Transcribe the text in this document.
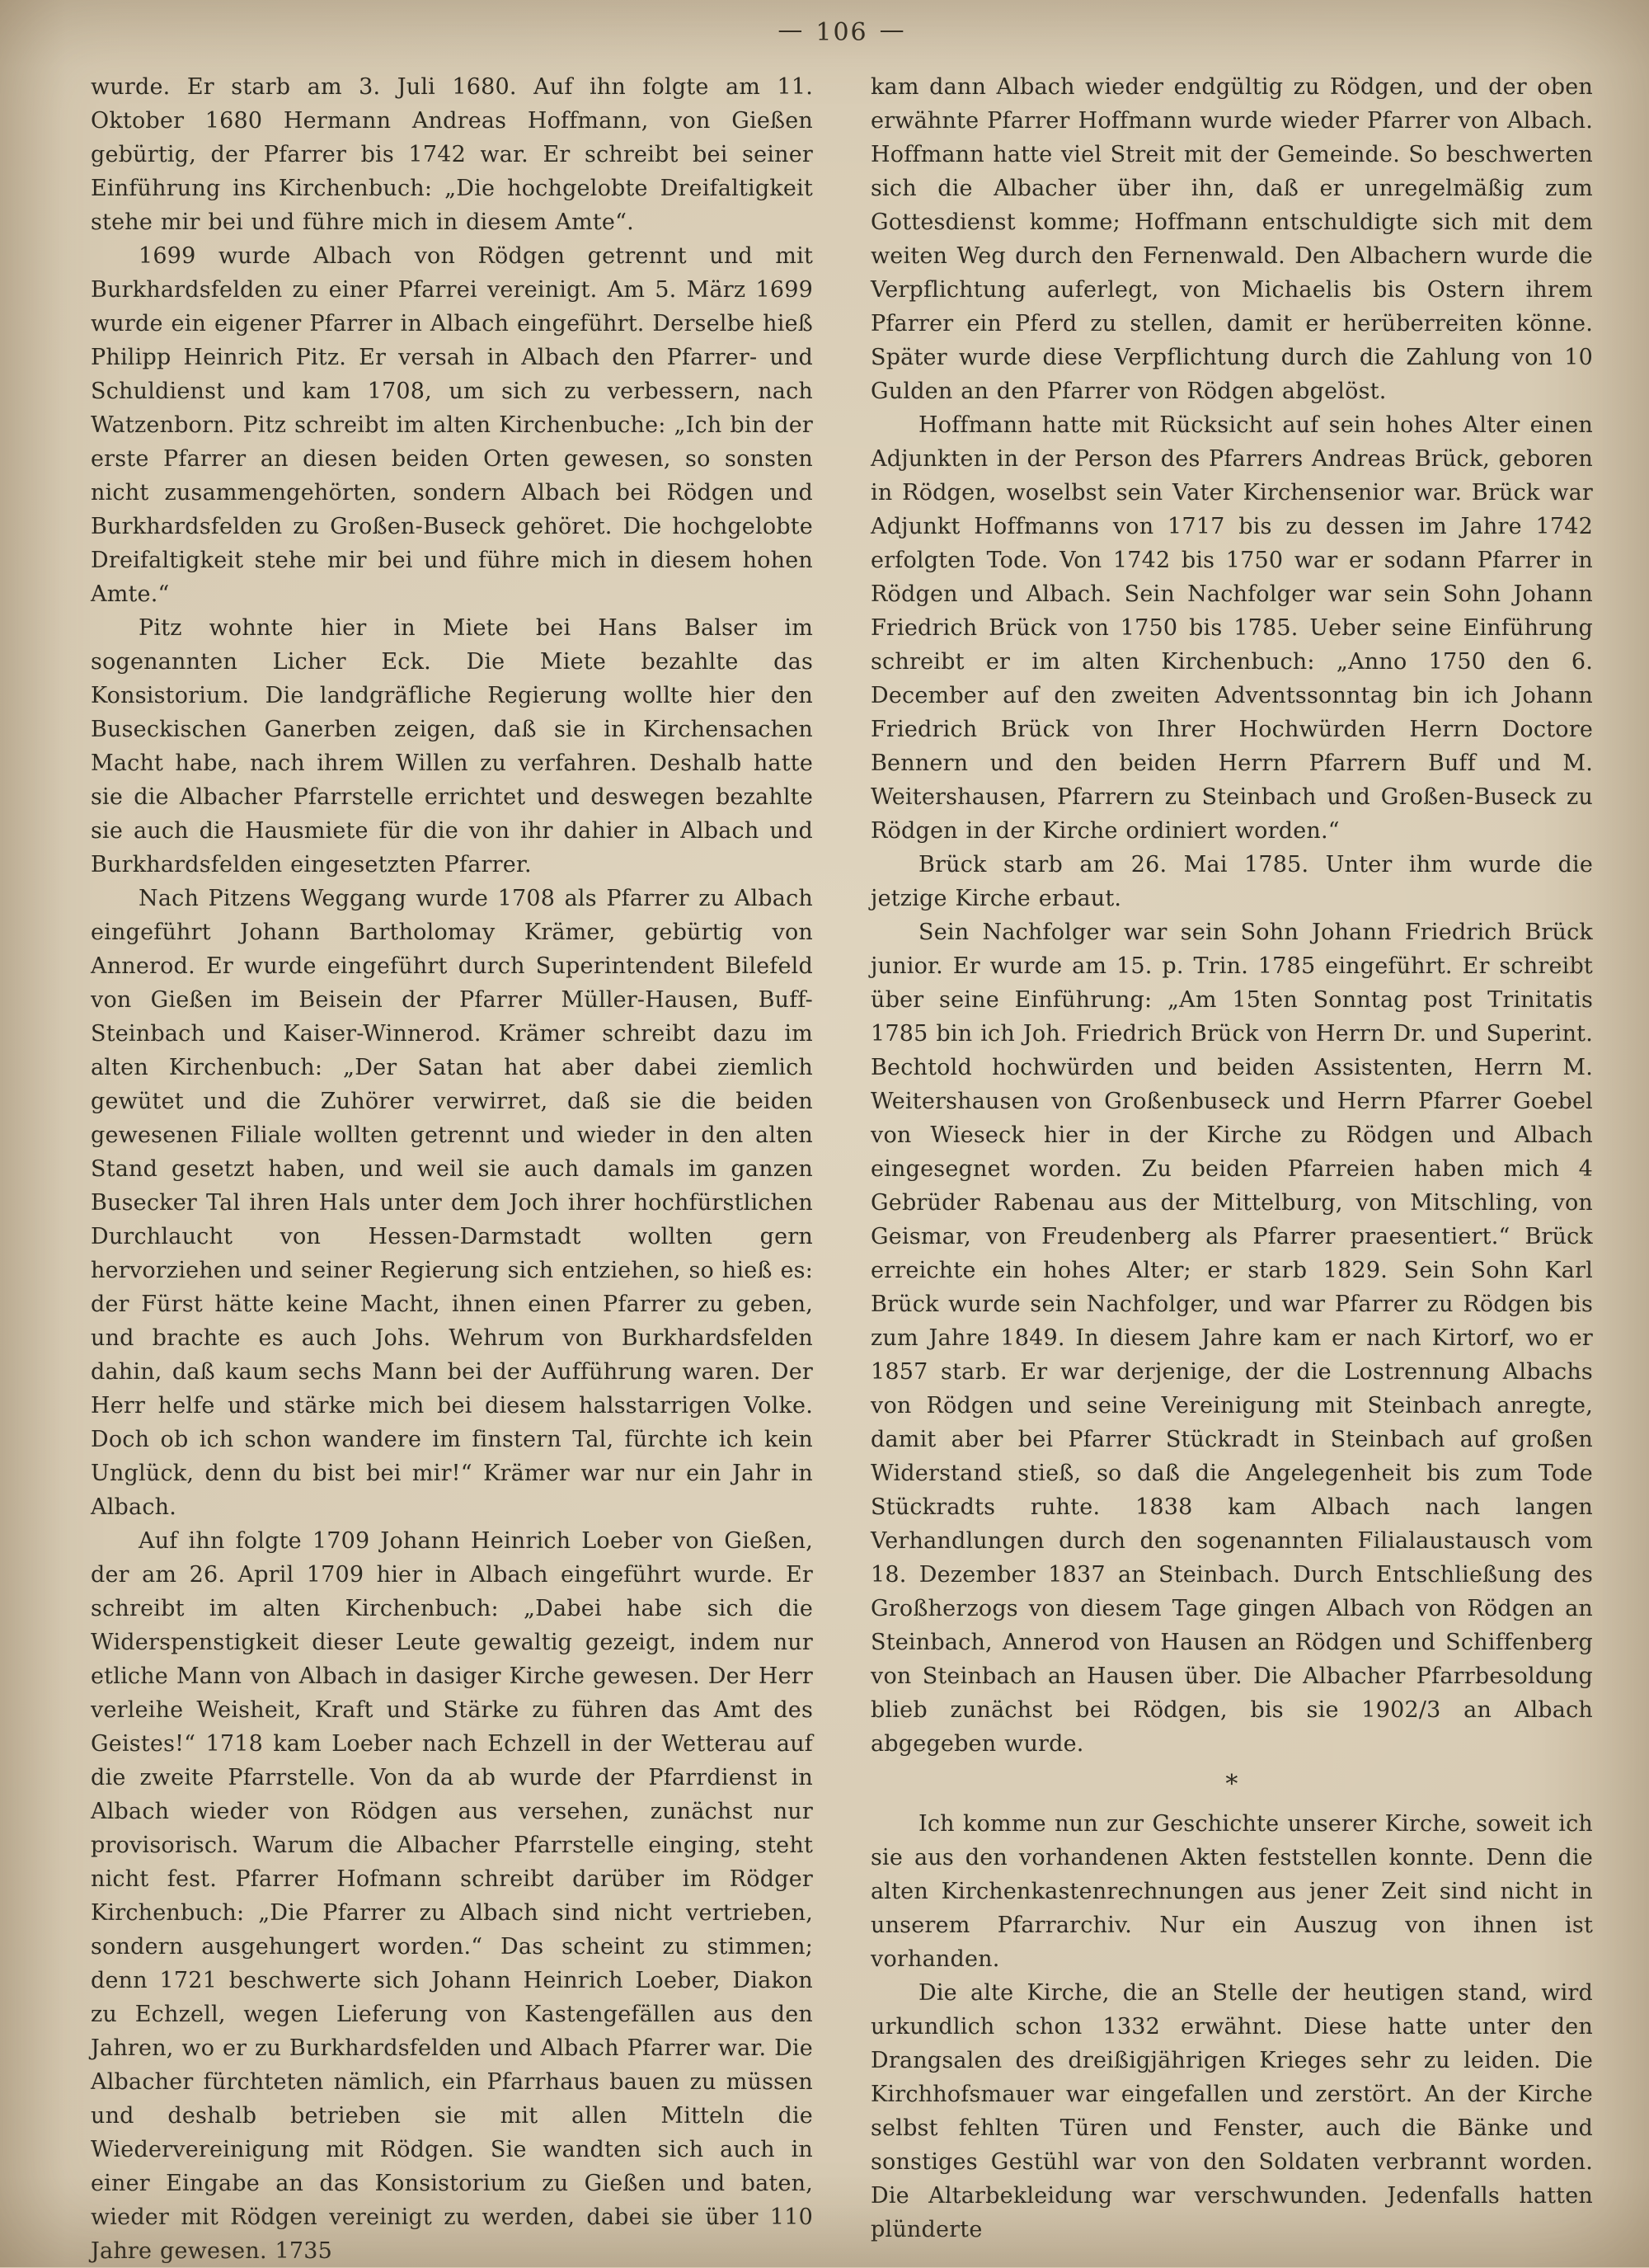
— 106 —

wurde. Er starb am 3. Juli 1680. Auf ihn folgte am 11. Oktober 1680 Hermann Andreas Hoffmann, von Gießen gebürtig, der Pfarrer bis 1742 war. Er schreibt bei seiner Einführung ins Kirchenbuch: „Die hochgelobte Dreifaltigkeit stehe mir bei und führe mich in diesem Amte“.

1699 wurde Albach von Rödgen getrennt und mit Burkhardsfelden zu einer Pfarrei vereinigt. Am 5. März 1699 wurde ein eigener Pfarrer in Albach eingeführt. Derselbe hieß Philipp Heinrich Pitz. Er versah in Albach den Pfarrer- und Schuldienst und kam 1708, um sich zu verbessern, nach Watzenborn. Pitz schreibt im alten Kirchenbuche: „Ich bin der erste Pfarrer an diesen beiden Orten gewesen, so sonsten nicht zusammengehörten, sondern Albach bei Rödgen und Burkhardsfelden zu Großen-Buseck gehöret. Die hochgelobte Dreifaltigkeit stehe mir bei und führe mich in diesem hohen Amte.“

Pitz wohnte hier in Miete bei Hans Balser im sogenannten Licher Eck. Die Miete bezahlte das Konsistorium. Die landgräfliche Regierung wollte hier den Buseckischen Ganerben zeigen, daß sie in Kirchensachen Macht habe, nach ihrem Willen zu verfahren. Deshalb hatte sie die Albacher Pfarrstelle errichtet und deswegen bezahlte sie auch die Hausmiete für die von ihr dahier in Albach und Burkhardsfelden eingesetzten Pfarrer.

Nach Pitzens Weggang wurde 1708 als Pfarrer zu Albach eingeführt Johann Bartholomay Krämer, gebürtig von Annerod. Er wurde eingeführt durch Superintendent Bilefeld von Gießen im Beisein der Pfarrer Müller-Hausen, Buff-Steinbach und Kaiser-Winnerod. Krämer schreibt dazu im alten Kirchenbuch: „Der Satan hat aber dabei ziemlich gewütet und die Zuhörer verwirret, daß sie die beiden gewesenen Filiale wollten getrennt und wieder in den alten Stand gesetzt haben, und weil sie auch damals im ganzen Busecker Tal ihren Hals unter dem Joch ihrer hochfürstlichen Durchlaucht von Hessen-Darmstadt wollten gern hervorziehen und seiner Regierung sich entziehen, so hieß es: der Fürst hätte keine Macht, ihnen einen Pfarrer zu geben, und brachte es auch Johs. Wehrum von Burkhardsfelden dahin, daß kaum sechs Mann bei der Aufführung waren. Der Herr helfe und stärke mich bei diesem halsstarrigen Volke. Doch ob ich schon wandere im finstern Tal, fürchte ich kein Unglück, denn du bist bei mir!“ Krämer war nur ein Jahr in Albach.

Auf ihn folgte 1709 Johann Heinrich Loeber von Gießen, der am 26. April 1709 hier in Albach eingeführt wurde. Er schreibt im alten Kirchenbuch: „Dabei habe sich die Widerspenstigkeit dieser Leute gewaltig gezeigt, indem nur etliche Mann von Albach in dasiger Kirche gewesen. Der Herr verleihe Weisheit, Kraft und Stärke zu führen das Amt des Geistes!“ 1718 kam Loeber nach Echzell in der Wetterau auf die zweite Pfarrstelle. Von da ab wurde der Pfarrdienst in Albach wieder von Rödgen aus versehen, zunächst nur provisorisch. Warum die Albacher Pfarrstelle einging, steht nicht fest. Pfarrer Hofmann schreibt darüber im Rödger Kirchenbuch: „Die Pfarrer zu Albach sind nicht vertrieben, sondern ausgehungert worden.“ Das scheint zu stimmen; denn 1721 beschwerte sich Johann Heinrich Loeber, Diakon zu Echzell, wegen Lieferung von Kastengefällen aus den Jahren, wo er zu Burkhardsfelden und Albach Pfarrer war. Die Albacher fürchteten nämlich, ein Pfarrhaus bauen zu müssen und deshalb betrieben sie mit allen Mitteln die Wiedervereinigung mit Rödgen. Sie wandten sich auch in einer Eingabe an das Konsistorium zu Gießen und baten, wieder mit Rödgen vereinigt zu werden, dabei sie über 110 Jahre gewesen. 1735

kam dann Albach wieder endgültig zu Rödgen, und der oben erwähnte Pfarrer Hoffmann wurde wieder Pfarrer von Albach. Hoffmann hatte viel Streit mit der Gemeinde. So beschwerten sich die Albacher über ihn, daß er unregelmäßig zum Gottesdienst komme; Hoffmann entschuldigte sich mit dem weiten Weg durch den Fernenwald. Den Albachern wurde die Verpflichtung auferlegt, von Michaelis bis Ostern ihrem Pfarrer ein Pferd zu stellen, damit er herüberreiten könne. Später wurde diese Verpflichtung durch die Zahlung von 10 Gulden an den Pfarrer von Rödgen abgelöst.

Hoffmann hatte mit Rücksicht auf sein hohes Alter einen Adjunkten in der Person des Pfarrers Andreas Brück, geboren in Rödgen, woselbst sein Vater Kirchensenior war. Brück war Adjunkt Hoffmanns von 1717 bis zu dessen im Jahre 1742 erfolgten Tode. Von 1742 bis 1750 war er sodann Pfarrer in Rödgen und Albach. Sein Nachfolger war sein Sohn Johann Friedrich Brück von 1750 bis 1785. Ueber seine Einführung schreibt er im alten Kirchenbuch: „Anno 1750 den 6. December auf den zweiten Adventssonntag bin ich Johann Friedrich Brück von Ihrer Hochwürden Herrn Doctore Bennern und den beiden Herrn Pfarrern Buff und M. Weitershausen, Pfarrern zu Steinbach und Großen-Buseck zu Rödgen in der Kirche ordiniert worden.“

Brück starb am 26. Mai 1785. Unter ihm wurde die jetzige Kirche erbaut.

Sein Nachfolger war sein Sohn Johann Friedrich Brück junior. Er wurde am 15. p. Trin. 1785 eingeführt. Er schreibt über seine Einführung: „Am 15ten Sonntag post Trinitatis 1785 bin ich Joh. Friedrich Brück von Herrn Dr. und Superint. Bechtold hochwürden und beiden Assistenten, Herrn M. Weitershausen von Großenbuseck und Herrn Pfarrer Goebel von Wieseck hier in der Kirche zu Rödgen und Albach eingesegnet worden. Zu beiden Pfarreien haben mich 4 Gebrüder Rabenau aus der Mittelburg, von Mitschling, von Geismar, von Freudenberg als Pfarrer praesentiert.“ Brück erreichte ein hohes Alter; er starb 1829. Sein Sohn Karl Brück wurde sein Nachfolger, und war Pfarrer zu Rödgen bis zum Jahre 1849. In diesem Jahre kam er nach Kirtorf, wo er 1857 starb. Er war derjenige, der die Lostrennung Albachs von Rödgen und seine Vereinigung mit Steinbach anregte, damit aber bei Pfarrer Stückradt in Steinbach auf großen Widerstand stieß, so daß die Angelegenheit bis zum Tode Stückradts ruhte. 1838 kam Albach nach langen Verhandlungen durch den sogenannten Filialaustausch vom 18. Dezember 1837 an Steinbach. Durch Entschließung des Großherzogs von diesem Tage gingen Albach von Rödgen an Steinbach, Annerod von Hausen an Rödgen und Schiffenberg von Steinbach an Hausen über. Die Albacher Pfarrbesoldung blieb zunächst bei Rödgen, bis sie 1902/3 an Albach abgegeben wurde.

*

Ich komme nun zur Geschichte unserer Kirche, soweit ich sie aus den vorhandenen Akten feststellen konnte. Denn die alten Kirchenkastenrechnungen aus jener Zeit sind nicht in unserem Pfarrarchiv. Nur ein Auszug von ihnen ist vorhanden.

Die alte Kirche, die an Stelle der heutigen stand, wird urkundlich schon 1332 erwähnt. Diese hatte unter den Drangsalen des dreißigjährigen Krieges sehr zu leiden. Die Kirchhofsmauer war eingefallen und zerstört. An der Kirche selbst fehlten Türen und Fenster, auch die Bänke und sonstiges Gestühl war von den Soldaten verbrannt worden. Die Altarbekleidung war verschwunden. Jedenfalls hatten plünderte
